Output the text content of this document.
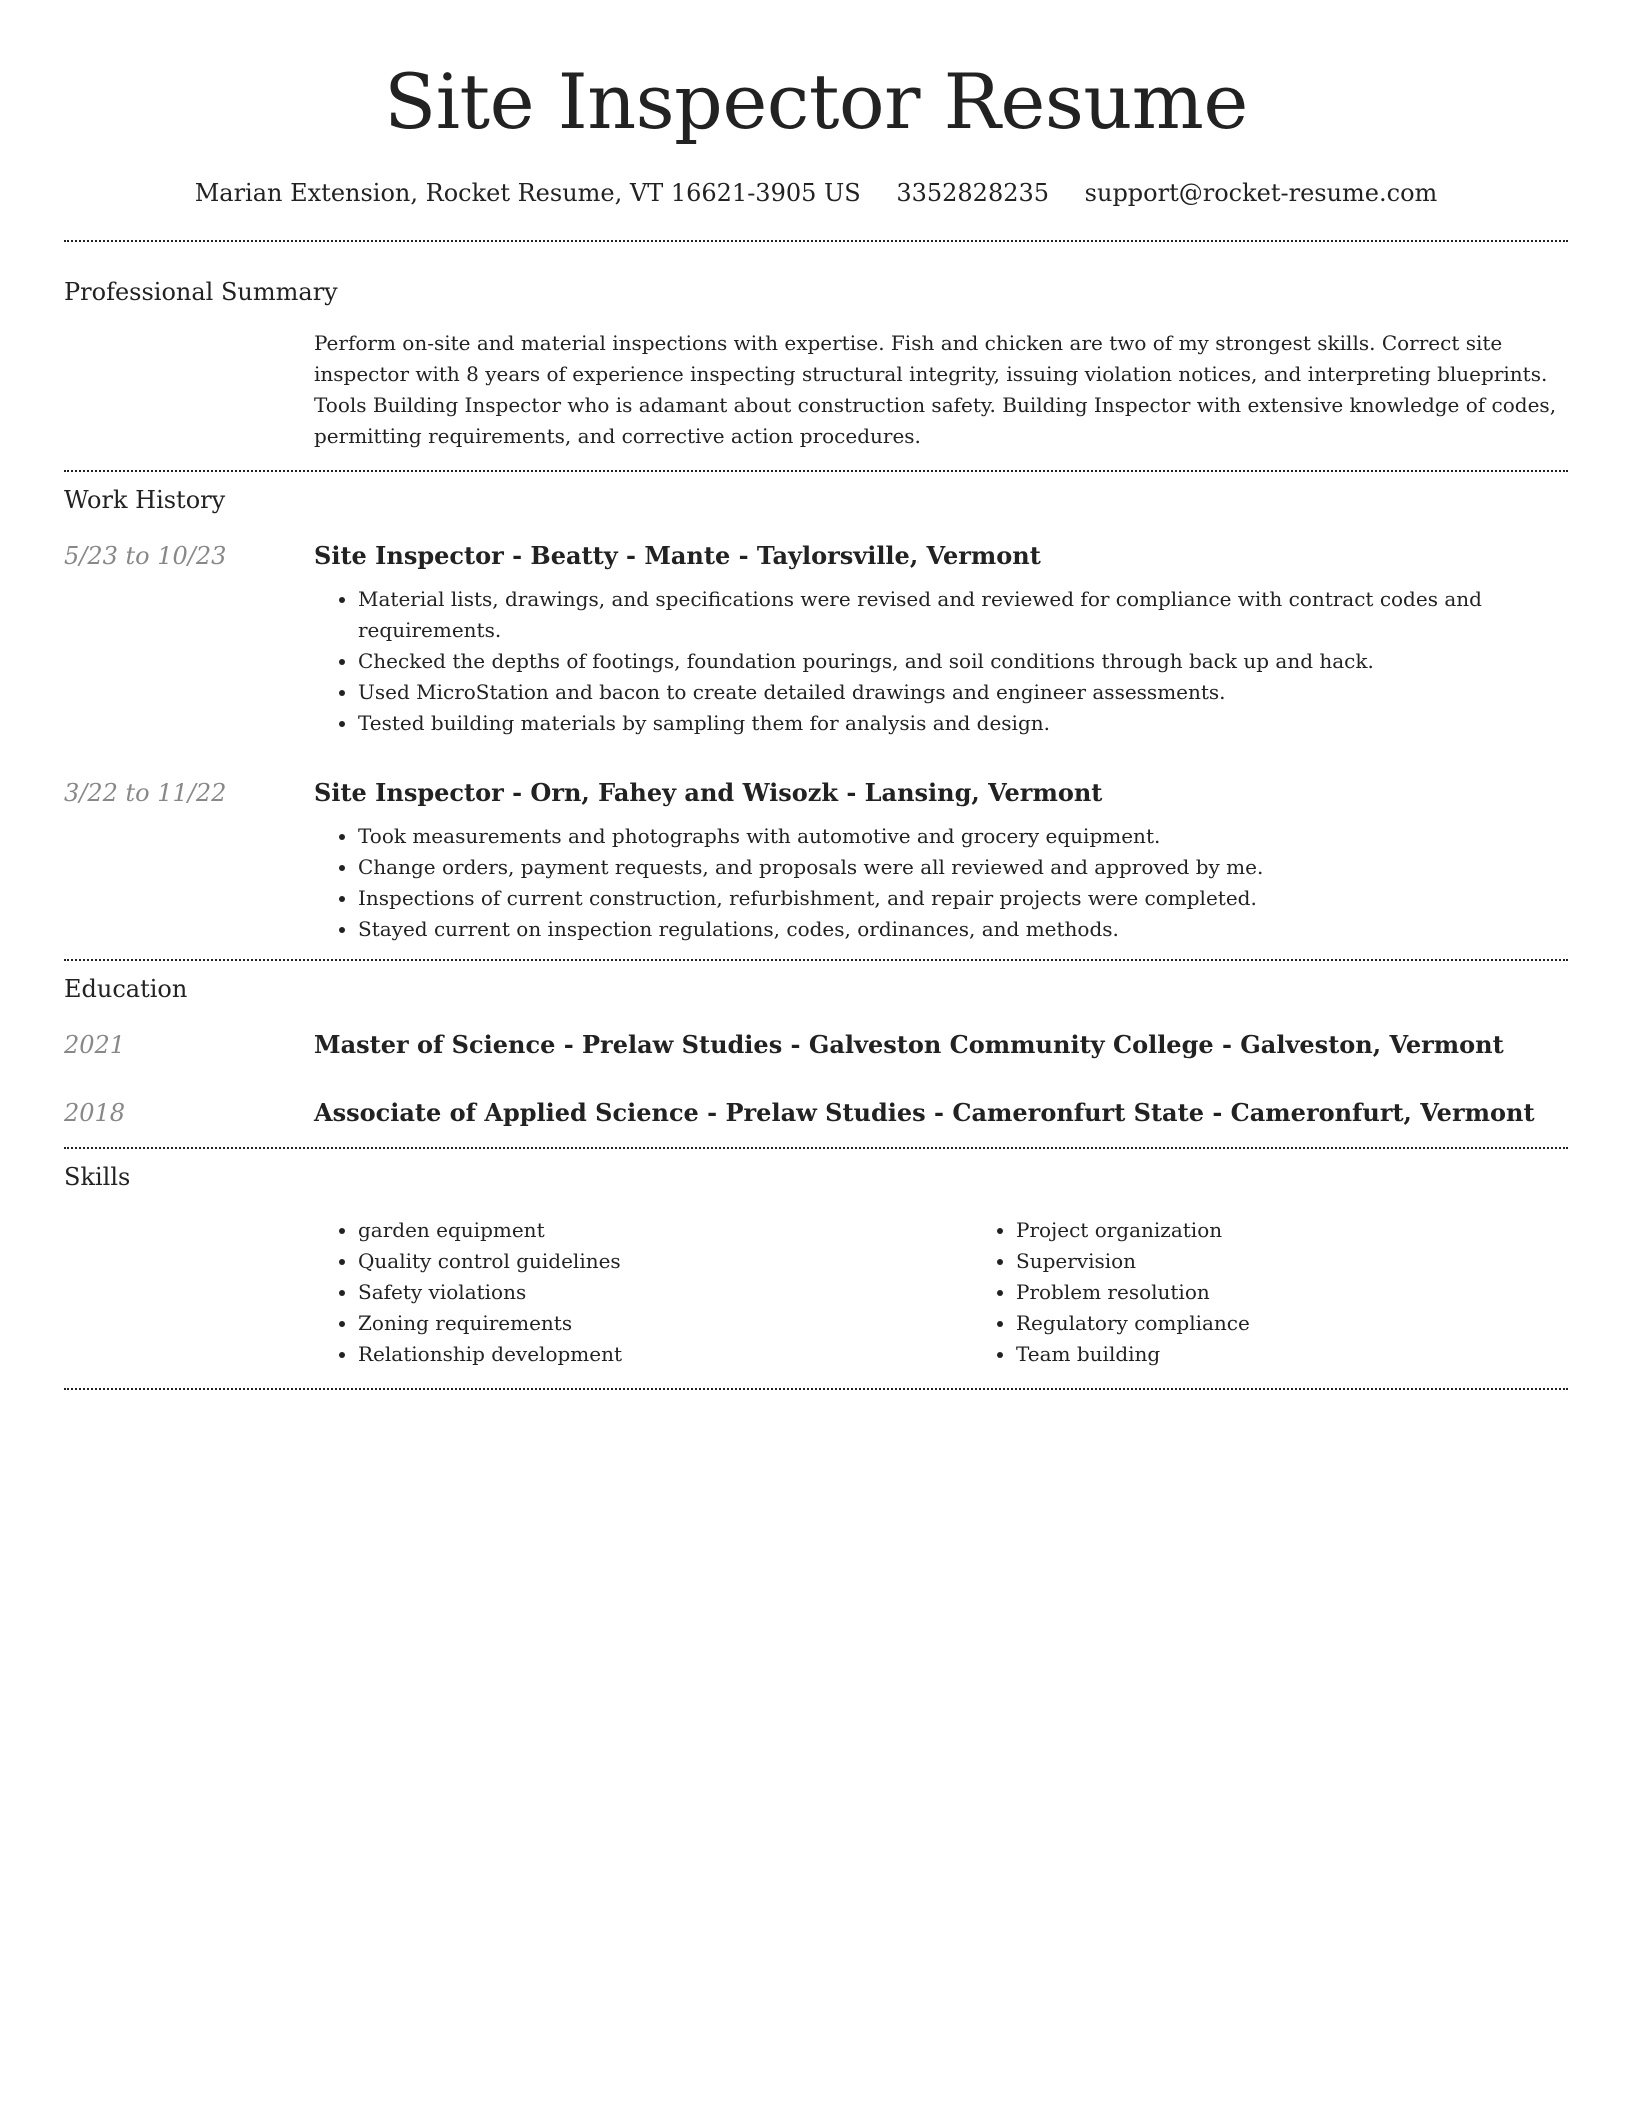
Site Inspector Resume
Marian Extension, Rocket Resume, VT 16621-3905 US 3352828235 support@rocket-resume.com
Professional Summary

Perform on-site and material inspections with expertise. Fish and chicken are two of my strongest skills. Correct site inspector with 8 years of experience inspecting structural integrity, issuing violation notices, and interpreting blueprints. Tools Building Inspector who is adamant about construction safety. Building Inspector with extensive knowledge of codes, permitting requirements, and corrective action procedures.

Work History
5/23 to 10/23	Site Inspector - Beatty - Mante - Taylorsville, Vermont
• Material lists, drawings, and specifications were revised and reviewed for compliance with contract codes and requirements.
• Checked the depths of footings, foundation pourings, and soil conditions through back up and hack.
• Used MicroStation and bacon to create detailed drawings and engineer assessments.
• Tested building materials by sampling them for analysis and design.
3/22 to 11/22	Site Inspector - Orn, Fahey and Wisozk - Lansing, Vermont
• Took measurements and photographs with automotive and grocery equipment.
• Change orders, payment requests, and proposals were all reviewed and approved by me.
• Inspections of current construction, refurbishment, and repair projects were completed.
• Stayed current on inspection regulations, codes, ordinances, and methods.
Education
2021	Master of Science - Prelaw Studies - Galveston Community College - Galveston, Vermont
2018	Associate of Applied Science - Prelaw Studies - Cameronfurt State - Cameronfurt, Vermont
Skills
• garden equipment
• Quality control guidelines
• Safety violations
• Zoning requirements
• Relationship development
• Project organization
• Supervision
• Problem resolution
• Regulatory compliance
• Team building
